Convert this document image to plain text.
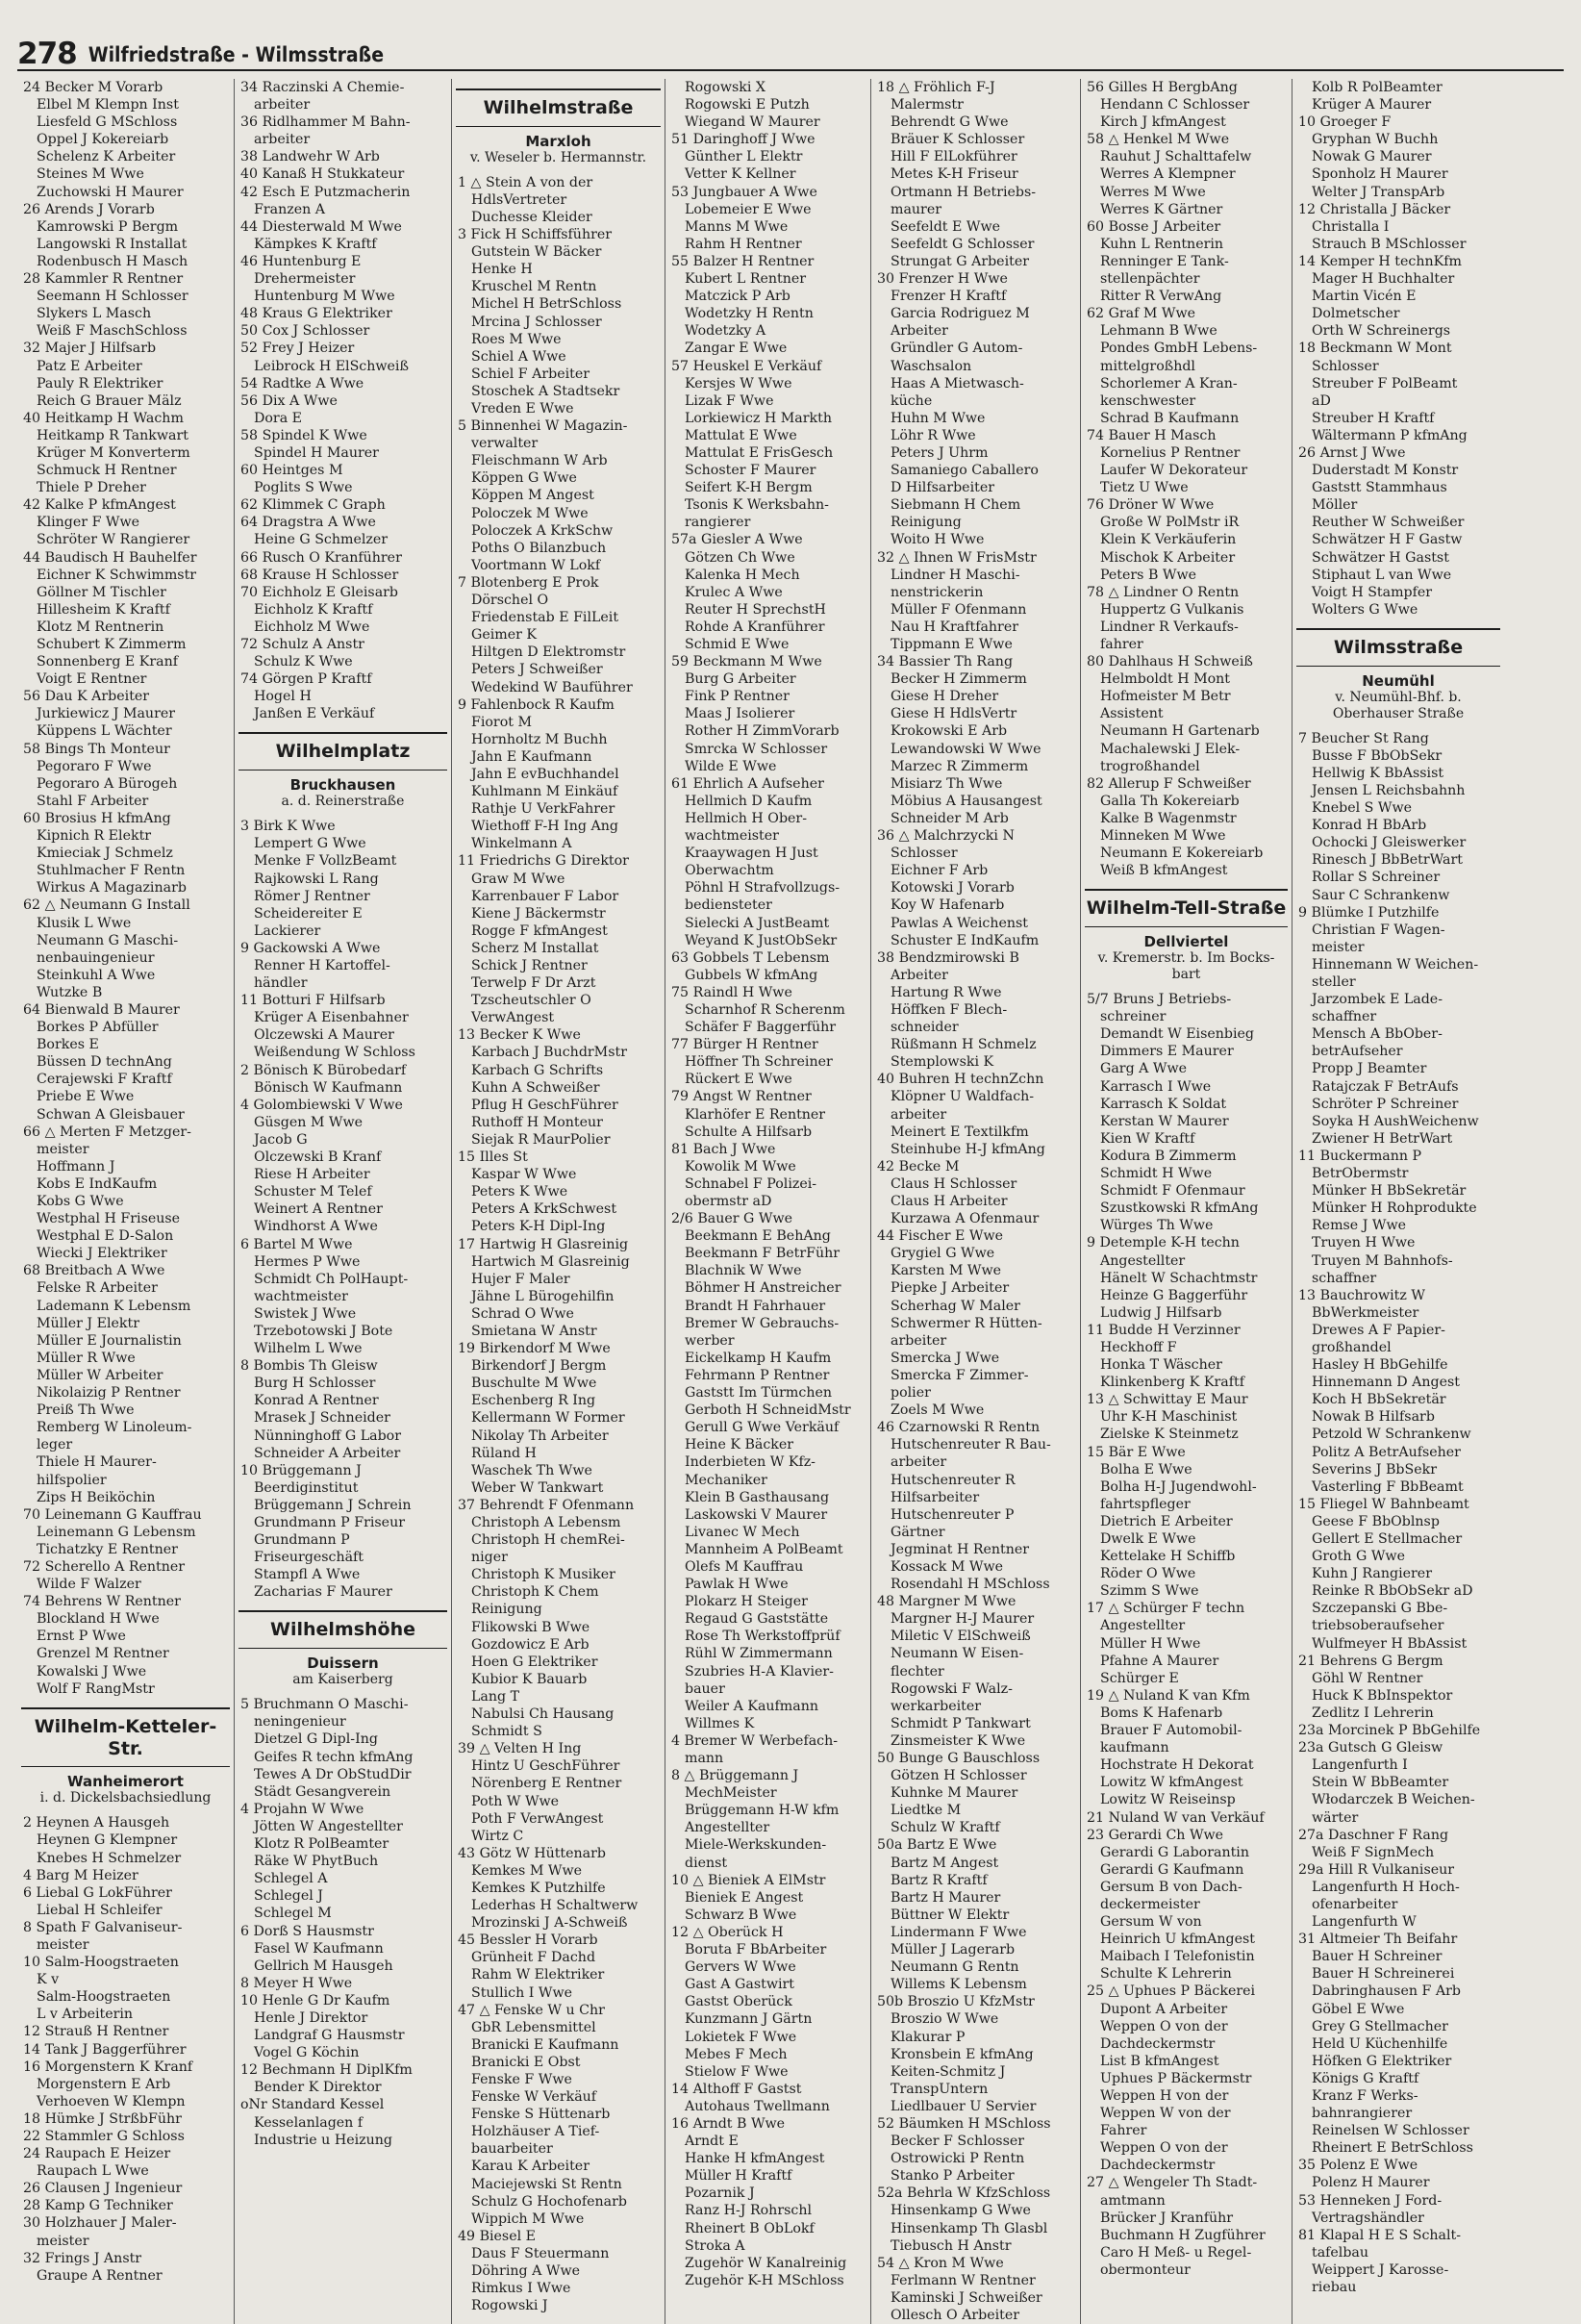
278 Wilfriedstraße - Wilmsstraße
24 Becker M Vorarb
Elbel M Klempn Inst
Liesfeld G MSchloss
Oppel J Kokereiarb
Schelenz K Arbeiter
Steines M Wwe
Zuchowski H Maurer
26 Arends J Vorarb
Kamrowski P Bergm
Langowski R Installat
Rodenbusch H Masch
28 Kammler R Rentner
Seemann H Schlosser
Slykers L Masch
Weiß F MaschSchloss
32 Majer J Hilfsarb
Patz E Arbeiter
Pauly R Elektriker
Reich G Brauer Mälz
40 Heitkamp H Wachm
Heitkamp R Tankwart
Krüger M Konverterm
Schmuck H Rentner
Thiele P Dreher
42 Kalke P kfmAngest
Klinger F Wwe
Schröter W Rangierer
44 Baudisch H Bauhelfer
Eichner K Schwimmstr
Göllner M Tischler
Hillesheim K Kraftf
Klotz M Rentnerin
Schubert K Zimmerm
Sonnenberg E Kranf
Voigt E Rentner
56 Dau K Arbeiter
Jurkiewicz J Maurer
Küppens L Wächter
58 Bings Th Monteur
Pegoraro F Wwe
Pegoraro A Bürogeh
Stahl F Arbeiter
60 Brosius H kfmAng
Kipnich R Elektr
Kmieciak J Schmelz
Stuhlmacher F Rentn
Wirkus A Magazinarb
62 △ Neumann G Install
Klusik L Wwe
Neumann G Maschi-
nenbauingenieur
Steinkuhl A Wwe
Wutzke B
64 Bienwald B Maurer
Borkes P Abfüller
Borkes E
Büssen D technAng
Cerajewski F Kraftf
Priebe E Wwe
Schwan A Gleisbauer
66 △ Merten F Metzger-
meister
Hoffmann J
Kobs E IndKaufm
Kobs G Wwe
Westphal H Friseuse
Westphal E D-Salon
Wiecki J Elektriker
68 Breitbach A Wwe
Felske R Arbeiter
Lademann K Lebensm
Müller J Elektr
Müller E Journalistin
Müller R Wwe
Müller W Arbeiter
Nikolaizig P Rentner
Preiß Th Wwe
Remberg W Linoleum-
leger
Thiele H Maurer-
hilfspolier
Zips H Beiköchin
70 Leinemann G Kauffrau
Leinemann G Lebensm
Tichatzky E Rentner
72 Scherello A Rentner
Wilde F Walzer
74 Behrens W Rentner
Blockland H Wwe
Ernst P Wwe
Grenzel M Rentner
Kowalski J Wwe
Wolf F RangMstr
Wilhelm-Ketteler-Str.
Wanheimerort
i. d. Dickelsbachsiedlung
2 Heynen A Hausgeh
Heynen G Klempner
Knebes H Schmelzer
4 Barg M Heizer
6 Liebal G LokFührer
Liebal H Schleifer
8 Spath F Galvaniseur-
meister
10 Salm-Hoogstraeten
K v
Salm-Hoogstraeten
L v Arbeiterin
12 Strauß H Rentner
14 Tank J Baggerführer
16 Morgenstern K Kranf
Morgenstern E Arb
Verhoeven W Klempn
18 Hümke J StrßbFühr
22 Stammler G Schloss
24 Raupach E Heizer
Raupach L Wwe
26 Clausen J Ingenieur
28 Kamp G Techniker
30 Holzhauer J Maler-
meister
32 Frings J Anstr
Graupe A Rentner
34 Raczinski A Chemie-
arbeiter
36 Ridlhammer M Bahn-
arbeiter
38 Landwehr W Arb
40 Kanaß H Stukkateur
42 Esch E Putzmacherin
Franzen A
44 Diesterwald M Wwe
Kämpkes K Kraftf
46 Huntenburg E
Drehermeister
Huntenburg M Wwe
48 Kraus G Elektriker
50 Cox J Schlosser
52 Frey J Heizer
Leibrock H ElSchweiß
54 Radtke A Wwe
56 Dix A Wwe
Dora E
58 Spindel K Wwe
Spindel H Maurer
60 Heintges M
Poglits S Wwe
62 Klimmek C Graph
64 Dragstra A Wwe
Heine G Schmelzer
66 Rusch O Kranführer
68 Krause H Schlosser
70 Eichholz E Gleisarb
Eichholz K Kraftf
Eichholz M Wwe
72 Schulz A Anstr
Schulz K Wwe
74 Görgen P Kraftf
Hogel H
Janßen E Verkäuf
Wilhelmplatz
Bruckhausen
a. d. Reinerstraße
3 Birk K Wwe
Lempert G Wwe
Menke F VollzBeamt
Rajkowski L Rang
Römer J Rentner
Scheidereiter E
Lackierer
9 Gackowski A Wwe
Renner H Kartoffel-
händler
11 Botturi F Hilfsarb
Krüger A Eisenbahner
Olczewski A Maurer
Weißendung W Schloss
2 Bönisch K Bürobedarf
Bönisch W Kaufmann
4 Golombiewski V Wwe
Güsgen M Wwe
Jacob G
Olczewski B Kranf
Riese H Arbeiter
Schuster M Telef
Weinert A Rentner
Windhorst A Wwe
6 Bartel M Wwe
Hermes P Wwe
Schmidt Ch PolHaupt-
wachtmeister
Swistek J Wwe
Trzebotowski J Bote
Wilhelm L Wwe
8 Bombis Th Gleisw
Burg H Schlosser
Konrad A Rentner
Mrasek J Schneider
Nünninghoff G Labor
Schneider A Arbeiter
10 Brüggemann J
Beerdiginstitut
Brüggemann J Schrein
Grundmann P Friseur
Grundmann P
Friseurgeschäft
Stampfl A Wwe
Zacharias F Maurer
Wilhelmshöhe
Duissern
am Kaiserberg
5 Bruchmann O Maschi-
neningenieur
Dietzel G Dipl-Ing
Geifes R techn kfmAng
Tewes A Dr ObStudDir
Städt Gesangverein
4 Projahn W Wwe
Jötten W Angestellter
Klotz R PolBeamter
Räke W PhytBuch
Schlegel A
Schlegel J
Schlegel M
6 Dorß S Hausmstr
Fasel W Kaufmann
Gellrich M Hausgeh
8 Meyer H Wwe
10 Henle G Dr Kaufm
Henle J Direktor
Landgraf G Hausmstr
Vogel G Köchin
12 Bechmann H DiplKfm
Bender K Direktor
oNr Standard Kessel
Kesselanlagen f
Industrie u Heizung
Wilhelmstraße
Marxloh
v. Weseler b. Hermannstr.
1 △ Stein A von der
HdlsVertreter
Duchesse Kleider
3 Fick H Schiffsführer
Gutstein W Bäcker
Henke H
Kruschel M Rentn
Michel H BetrSchloss
Mrcina J Schlosser
Roes M Wwe
Schiel A Wwe
Schiel F Arbeiter
Stoschek A Stadtsekr
Vreden E Wwe
5 Binnenhei W Magazin-
verwalter
Fleischmann W Arb
Köppen G Wwe
Köppen M Angest
Poloczek M Wwe
Poloczek A KrkSchw
Poths O Bilanzbuch
Voortmann W Lokf
7 Blotenberg E Prok
Dörschel O
Friedenstab E FilLeit
Geimer K
Hiltgen D Elektromstr
Peters J Schweißer
Wedekind W Bauführer
9 Fahlenbock R Kaufm
Fiorot M
Hornholtz M Buchh
Jahn E Kaufmann
Jahn E evBuchhandel
Kuhlmann M Einkäuf
Rathje U VerkFahrer
Wiethoff F-H Ing Ang
Winkelmann A
11 Friedrichs G Direktor
Graw M Wwe
Karrenbauer F Labor
Kiene J Bäckermstr
Rogge F kfmAngest
Scherz M Installat
Schick J Rentner
Terwelp F Dr Arzt
Tzscheutschler O
VerwAngest
13 Becker K Wwe
Karbach J BuchdrMstr
Karbach G Schrifts
Kuhn A Schweißer
Pflug H GeschFührer
Ruthoff H Monteur
Siejak R MaurPolier
15 Illes St
Kaspar W Wwe
Peters K Wwe
Peters A KrkSchwest
Peters K-H Dipl-Ing
17 Hartwig H Glasreinig
Hartwich M Glasreinig
Hujer F Maler
Jähne L Bürogehilfin
Schrad O Wwe
Smietana W Anstr
19 Birkendorf M Wwe
Birkendorf J Bergm
Buschulte M Wwe
Eschenberg R Ing
Kellermann W Former
Nikolay Th Arbeiter
Rüland H
Waschek Th Wwe
Weber W Tankwart
37 Behrendt F Ofenmann
Christoph A Lebensm
Christoph H chemRei-
niger
Christoph K Musiker
Christoph K Chem
Reinigung
Flikowski B Wwe
Gozdowicz E Arb
Hoen G Elektriker
Kubior K Bauarb
Lang T
Nabulsi Ch Hausang
Schmidt S
39 △ Velten H Ing
Hintz U GeschFührer
Nörenberg E Rentner
Poth W Wwe
Poth F VerwAngest
Wirtz C
43 Götz W Hüttenarb
Kemkes M Wwe
Kemkes K Putzhilfe
Lederhas H Schaltwerw
Mrozinski J A-Schweiß
45 Bessler H Vorarb
Grünheit F Dachd
Rahm W Elektriker
Stullich I Wwe
47 △ Fenske W u Chr
GbR Lebensmittel
Branicki E Kaufmann
Branicki E Obst
Fenske F Wwe
Fenske W Verkäuf
Fenske S Hüttenarb
Holzhäuser A Tief-
bauarbeiter
Karau K Arbeiter
Maciejewski St Rentn
Schulz G Hochofenarb
Wippich M Wwe
49 Biesel E
Daus F Steuermann
Döhring A Wwe
Rimkus I Wwe
Rogowski J
Rogowski X
Rogowski E Putzh
Wiegand W Maurer
51 Daringhoff J Wwe
Günther L Elektr
Vetter K Kellner
53 Jungbauer A Wwe
Lobemeier E Wwe
Manns M Wwe
Rahm H Rentner
55 Balzer H Rentner
Kubert L Rentner
Matczick P Arb
Wodetzky H Rentn
Wodetzky A
Zangar E Wwe
57 Heuskel E Verkäuf
Kersjes W Wwe
Lizak F Wwe
Lorkiewicz H Markth
Mattulat E Wwe
Mattulat E FrisGesch
Schoster F Maurer
Seifert K-H Bergm
Tsonis K Werksbahn-
rangierer
57a Giesler A Wwe
Götzen Ch Wwe
Kalenka H Mech
Krulec A Wwe
Reuter H SprechstH
Rohde A Kranführer
Schmid E Wwe
59 Beckmann M Wwe
Burg G Arbeiter
Fink P Rentner
Maas J Isolierer
Rother H ZimmVorarb
Smrcka W Schlosser
Wilde E Wwe
61 Ehrlich A Aufseher
Hellmich D Kaufm
Hellmich H Ober-
wachtmeister
Kraaywagen H Just
Oberwachtm
Pöhnl H Strafvollzugs-
bediensteter
Sielecki A JustBeamt
Weyand K JustObSekr
63 Gobbels T Lebensm
Gubbels W kfmAng
75 Raindl H Wwe
Scharnhof R Scherenm
Schäfer F Baggerführ
77 Bürger H Rentner
Höffner Th Schreiner
Rückert E Wwe
79 Angst W Rentner
Klarhöfer E Rentner
Schulte A Hilfsarb
81 Bach J Wwe
Kowolik M Wwe
Schnabel F Polizei-
obermstr aD
2/6 Bauer G Wwe
Beekmann E BehAng
Beekmann F BetrFühr
Blachnik W Wwe
Böhmer H Anstreicher
Brandt H Fahrhauer
Bremer W Gebrauchs-
werber
Eickelkamp H Kaufm
Fehrmann P Rentner
Gaststt Im Türmchen
Gerboth H SchneidMstr
Gerull G Wwe Verkäuf
Heine K Bäcker
Inderbieten W Kfz-
Mechaniker
Klein B Gasthausang
Laskowski V Maurer
Livanec W Mech
Mannheim A PolBeamt
Olefs M Kauffrau
Pawlak H Wwe
Plokarz H Steiger
Regaud G Gaststätte
Rose Th Werkstoffprüf
Rühl W Zimmermann
Szubries H-A Klavier-
bauer
Weiler A Kaufmann
Willmes K
4 Bremer W Werbefach-
mann
8 △ Brüggemann J
MechMeister
Brüggemann H-W kfm
Angestellter
Miele-Werkskunden-
dienst
10 △ Bieniek A ElMstr
Bieniek E Angest
Schwarz B Wwe
12 △ Oberück H
Boruta F BbArbeiter
Gervers W Wwe
Gast A Gastwirt
Gastst Oberück
Kunzmann J Gärtn
Lokietek F Wwe
Mebes F Mech
Stielow F Wwe
14 Althoff F Gastst
Autohaus Twellmann
16 Arndt B Wwe
Arndt E
Hanke H kfmAngest
Müller H Kraftf
Pozarnik J
Ranz H-J Rohrschl
Rheinert B ObLokf
Stroka A
Zugehör W Kanalreinig
Zugehör K-H MSchloss
18 △ Fröhlich F-J
Malermstr
Behrendt G Wwe
Bräuer K Schlosser
Hill F ElLokführer
Metes K-H Friseur
Ortmann H Betriebs-
maurer
Seefeldt E Wwe
Seefeldt G Schlosser
Strungat G Arbeiter
30 Frenzer H Wwe
Frenzer H Kraftf
Garcia Rodriguez M
Arbeiter
Gründler G Autom-
Waschsalon
Haas A Mietwasch-
küche
Huhn M Wwe
Löhr R Wwe
Peters J Uhrm
Samaniego Caballero
D Hilfsarbeiter
Siebmann H Chem
Reinigung
Woito H Wwe
32 △ Ihnen W FrisMstr
Lindner H Maschi-
nenstrickerin
Müller F Ofenmann
Nau H Kraftfahrer
Tippmann E Wwe
34 Bassier Th Rang
Becker H Zimmerm
Giese H Dreher
Giese H HdlsVertr
Krokowski E Arb
Lewandowski W Wwe
Marzec R Zimmerm
Misiarz Th Wwe
Möbius A Hausangest
Schneider M Arb
36 △ Malchrzycki N
Schlosser
Eichner F Arb
Kotowski J Vorarb
Koy W Hafenarb
Pawlas A Weichenst
Schuster E IndKaufm
38 Bendzmirowski B
Arbeiter
Hartung R Wwe
Höffken F Blech-
schneider
Rüßmann H Schmelz
Stemplowski K
40 Buhren H technZchn
Klöpner U Waldfach-
arbeiter
Meinert E Textilkfm
Steinhube H-J kfmAng
42 Becke M
Claus H Schlosser
Claus H Arbeiter
Kurzawa A Ofenmaur
44 Fischer E Wwe
Grygiel G Wwe
Karsten M Wwe
Piepke J Arbeiter
Scherhag W Maler
Schwermer R Hütten-
arbeiter
Smercka J Wwe
Smercka F Zimmer-
polier
Zoels M Wwe
46 Czarnowski R Rentn
Hutschenreuter R Bau-
arbeiter
Hutschenreuter R
Hilfsarbeiter
Hutschenreuter P
Gärtner
Jegminat H Rentner
Kossack M Wwe
Rosendahl H MSchloss
48 Margner M Wwe
Margner H-J Maurer
Miletic V ElSchweiß
Neumann W Eisen-
flechter
Rogowski F Walz-
werkarbeiter
Schmidt P Tankwart
Zinsmeister K Wwe
50 Bunge G Bauschloss
Götzen H Schlosser
Kuhnke M Maurer
Liedtke M
Schulz W Kraftf
50a Bartz E Wwe
Bartz M Angest
Bartz R Kraftf
Bartz H Maurer
Büttner W Elektr
Lindermann F Wwe
Müller J Lagerarb
Neumann G Rentn
Willems K Lebensm
50b Broszio U KfzMstr
Broszio W Wwe
Klakurar P
Kronsbein E kfmAng
Keiten-Schmitz J
TranspUntern
Liedlbauer U Servier
52 Bäumken H MSchloss
Becker F Schlosser
Ostrowicki P Rentn
Stanko P Arbeiter
52a Behrla W KfzSchloss
Hinsenkamp G Wwe
Hinsenkamp Th Glasbl
Tiebusch H Anstr
54 △ Kron M Wwe
Ferlmann W Rentner
Kaminski J Schweißer
Ollesch O Arbeiter
56 Gilles H BergbAng
Hendann C Schlosser
Kirch J kfmAngest
58 △ Henkel M Wwe
Rauhut J Schalttafelw
Werres A Klempner
Werres M Wwe
Werres K Gärtner
60 Bosse J Arbeiter
Kuhn L Rentnerin
Renninger E Tank-
stellenpächter
Ritter R VerwAng
62 Graf M Wwe
Lehmann B Wwe
Pondes GmbH Lebens-
mittelgroßhdl
Schorlemer A Kran-
kenschwester
Schrad B Kaufmann
74 Bauer H Masch
Kornelius P Rentner
Laufer W Dekorateur
Tietz U Wwe
76 Dröner W Wwe
Große W PolMstr iR
Klein K Verkäuferin
Mischok K Arbeiter
Peters B Wwe
78 △ Lindner O Rentn
Huppertz G Vulkanis
Lindner R Verkaufs-
fahrer
80 Dahlhaus H Schweiß
Helmboldt H Mont
Hofmeister M Betr
Assistent
Neumann H Gartenarb
Machalewski J Elek-
trogroßhandel
82 Allerup F Schweißer
Galla Th Kokereiarb
Kalke B Wagenmstr
Minneken M Wwe
Neumann E Kokereiarb
Weiß B kfmAngest
Wilhelm-Tell-Straße
Dellviertel
v. Kremerstr. b. Im Bocks-
bart
5/7 Bruns J Betriebs-
schreiner
Demandt W Eisenbieg
Dimmers E Maurer
Garg A Wwe
Karrasch I Wwe
Karrasch K Soldat
Kerstan W Maurer
Kien W Kraftf
Kodura B Zimmerm
Schmidt H Wwe
Schmidt F Ofenmaur
Szustkowski R kfmAng
Würges Th Wwe
9 Detemple K-H techn
Angestellter
Hänelt W Schachtmstr
Heinze G Baggerführ
Ludwig J Hilfsarb
11 Budde H Verzinner
Heckhoff F
Honka T Wäscher
Klinkenberg K Kraftf
13 △ Schwittay E Maur
Uhr K-H Maschinist
Zielske K Steinmetz
15 Bär E Wwe
Bolha E Wwe
Bolha H-J Jugendwohl-
fahrtspfleger
Dietrich E Arbeiter
Dwelk E Wwe
Kettelake H Schiffb
Röder O Wwe
Szimm S Wwe
17 △ Schürger F techn
Angestellter
Müller H Wwe
Pfahne A Maurer
Schürger E
19 △ Nuland K van Kfm
Boms K Hafenarb
Brauer F Automobil-
kaufmann
Hochstrate H Dekorat
Lowitz W kfmAngest
Lowitz W Reiseinsp
21 Nuland W van Verkäuf
23 Gerardi Ch Wwe
Gerardi G Laborantin
Gerardi G Kaufmann
Gersum B von Dach-
deckermeister
Gersum W von
Heinrich U kfmAngest
Maibach I Telefonistin
Schulte K Lehrerin
25 △ Uphues P Bäckerei
Dupont A Arbeiter
Weppen O von der
Dachdeckermstr
List B kfmAngest
Uphues P Bäckermstr
Weppen H von der
Weppen W von der
Fahrer
Weppen O von der
Dachdeckermstr
27 △ Wengeler Th Stadt-
amtmann
Brücker J Kranführ
Buchmann H Zugführer
Caro H Meß- u Regel-
obermonteur
Kolb R PolBeamter
Krüger A Maurer
10 Groeger F
Gryphan W Buchh
Nowak G Maurer
Sponholz H Maurer
Welter J TranspArb
12 Christalla J Bäcker
Christalla I
Strauch B MSchlosser
14 Kemper H technKfm
Mager H Buchhalter
Martin Vicén E
Dolmetscher
Orth W Schreinergs
18 Beckmann W Mont
Schlosser
Streuber F PolBeamt
aD
Streuber H Kraftf
Wältermann P kfmAng
26 Arnst J Wwe
Duderstadt M Konstr
Gaststt Stammhaus
Möller
Reuther W Schweißer
Schwätzer H F Gastw
Schwätzer H Gastst
Stiphaut L van Wwe
Voigt H Stampfer
Wolters G Wwe
Wilmsstraße
Neumühl
v. Neumühl-Bhf. b.
Oberhauser Straße
7 Beucher St Rang
Busse F BbObSekr
Hellwig K BbAssist
Jensen L Reichsbahnh
Knebel S Wwe
Konrad H BbArb
Ochocki J Gleiswerker
Rinesch J BbBetrWart
Rollar S Schreiner
Saur C Schrankenw
9 Blümke I Putzhilfe
Christian F Wagen-
meister
Hinnemann W Weichen-
steller
Jarzombek E Lade-
schaffner
Mensch A BbOber-
betrAufseher
Propp J Beamter
Ratajczak F BetrAufs
Schröter P Schreiner
Soyka H AushWeichenw
Zwiener H BetrWart
11 Buckermann P
BetrObermstr
Münker H BbSekretär
Münker H Rohprodukte
Remse J Wwe
Truyen H Wwe
Truyen M Bahnhofs-
schaffner
13 Bauchrowitz W
BbWerkmeister
Drewes A F Papier-
großhandel
Hasley H BbGehilfe
Hinnemann D Angest
Koch H BbSekretär
Nowak B Hilfsarb
Petzold W Schrankenw
Politz A BetrAufseher
Severins J BbSekr
Vasterling F BbBeamt
15 Fliegel W Bahnbeamt
Geese F BbOblnsp
Gellert E Stellmacher
Groth G Wwe
Kuhn J Rangierer
Reinke R BbObSekr aD
Szczepanski G Bbe-
triebsoberaufseher
Wulfmeyer H BbAssist
21 Behrens G Bergm
Göhl W Rentner
Huck K BbInspektor
Zedlitz I Lehrerin
23a Morcinek P BbGehilfe
23a Gutsch G Gleisw
Langenfurth I
Stein W BbBeamter
Włodarczek B Weichen-
wärter
27a Daschner F Rang
Weiß F SignMech
29a Hill R Vulkaniseur
Langenfurth H Hoch-
ofenarbeiter
Langenfurth W
31 Altmeier Th Beifahr
Bauer H Schreiner
Bauer H Schreinerei
Dabringhausen F Arb
Göbel E Wwe
Grey G Stellmacher
Held U Küchenhilfe
Höfken G Elektriker
Königs G Kraftf
Kranz F Werks-
bahnrangierer
Reinelsen W Schlosser
Rheinert E BetrSchloss
35 Polenz E Wwe
Polenz H Maurer
53 Henneken J Ford-
Vertragshändler
81 Klapal H E S Schalt-
tafelbau
Weippert J Karosse-
riebau
